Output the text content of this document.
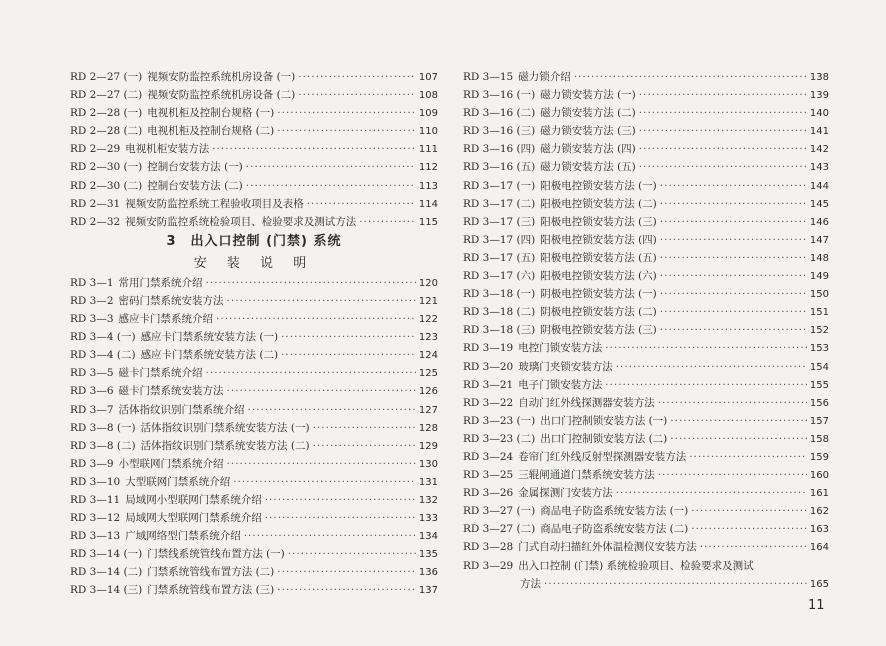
RD 2—27 (一) 视频安防监控系统机房设备 (一) ·····	107
RD 2—27 (二) 视频安防监控系统机房设备 (二) ·····	108
RD 2—28 (一) 电视机柜及控制台规格 (一) ·····	109
RD 2—28 (二) 电视机柜及控制台规格 (二) ·····	110
RD 2—29 电视机柜安装方法 ·····	111
RD 2—30 (一) 控制台安装方法 (一) ·····	112
RD 2—30 (二) 控制台安装方法 (二) ·····	113
RD 2—31 视频安防监控系统工程验收项目及表格 ·····	114
RD 2—32 视频安防监控系统检验项目、检验要求及测试方法 ·····	115
3　出入口控制 (门禁) 系统
安 装 说 明
RD 3—1 常用门禁系统介绍 ·····	120
RD 3—2 密码门禁系统安装方法 ·····	121
RD 3—3 感应卡门禁系统介绍 ·····	122
RD 3—4 (一) 感应卡门禁系统安装方法 (一) ·····	123
RD 3—4 (二) 感应卡门禁系统安装方法 (二) ·····	124
RD 3—5 磁卡门禁系统介绍 ·····	125
RD 3—6 磁卡门禁系统安装方法 ·····	126
RD 3—7 活体指纹识别门禁系统介绍 ·····	127
RD 3—8 (一) 活体指纹识别门禁系统安装方法 (一) ·····	128
RD 3—8 (二) 活体指纹识别门禁系统安装方法 (二) ·····	129
RD 3—9 小型联网门禁系统介绍 ·····	130
RD 3—10 大型联网门禁系统介绍 ·····	131
RD 3—11 局域网小型联网门禁系统介绍 ·····	132
RD 3—12 局域网大型联网门禁系统介绍 ·····	133
RD 3—13 广域网络型门禁系统介绍 ·····	134
RD 3—14 (一) 门禁线系统管线布置方法 (一) ·····	135
RD 3—14 (二) 门禁系统管线布置方法 (二) ·····	136
RD 3—14 (三) 门禁系统管线布置方法 (三) ·····	137
RD 3—15 磁力锁介绍 ·····	138
RD 3—16 (一) 磁力锁安装方法 (一) ·····	139
RD 3—16 (二) 磁力锁安装方法 (二) ·····	140
RD 3—16 (三) 磁力锁安装方法 (三) ·····	141
RD 3—16 (四) 磁力锁安装方法 (四) ·····	142
RD 3—16 (五) 磁力锁安装方法 (五) ·····	143
RD 3—17 (一) 阳极电控锁安装方法 (一) ·····	144
RD 3—17 (二) 阳极电控锁安装方法 (二) ·····	145
RD 3—17 (三) 阳极电控锁安装方法 (三) ·····	146
RD 3—17 (四) 阳极电控锁安装方法 (四) ·····	147
RD 3—17 (五) 阳极电控锁安装方法 (五) ·····	148
RD 3—17 (六) 阳极电控锁安装方法 (六) ·····	149
RD 3—18 (一) 阴极电控锁安装方法 (一) ·····	150
RD 3—18 (二) 阴极电控锁安装方法 (二) ·····	151
RD 3—18 (三) 阴极电控锁安装方法 (三) ·····	152
RD 3—19 电控门锁安装方法 ·····	153
RD 3—20 玻璃门夹锁安装方法 ·····	154
RD 3—21 电子门锁安装方法 ·····	155
RD 3—22 自动门红外线探测器安装方法 ·····	156
RD 3—23 (一) 出口门控制锁安装方法 (一) ·····	157
RD 3—23 (二) 出口门控制锁安装方法 (二) ·····	158
RD 3—24 卷帘门红外线反射型探测器安装方法 ·····	159
RD 3—25 三辊闸通道门禁系统安装方法 ·····	160
RD 3—26 金属探测门安装方法 ·····	161
RD 3—27 (一) 商品电子防盗系统安装方法 (一) ·····	162
RD 3—27 (二) 商品电子防盗系统安装方法 (二) ·····	163
RD 3—28 门式自动扫描红外体温检测仪安装方法 ·····	164
RD 3—29 出入口控制 (门禁) 系统检验项目、检验要求及测试
方法 ·····	165
11
